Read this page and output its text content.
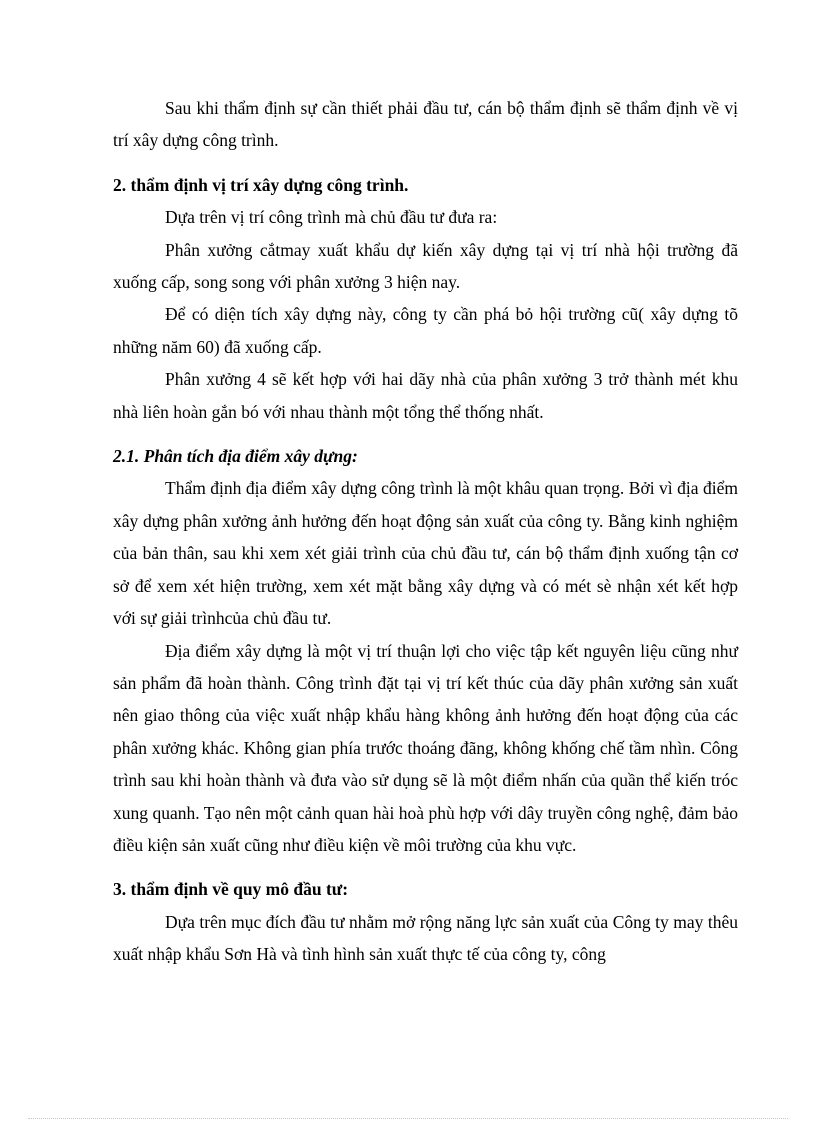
Sau khi thẩm định sự cần thiết phải đầu tư, cán bộ thẩm định sẽ thẩm định về vị trí xây dựng công trình.

2. thẩm định vị trí xây dựng công trình.

Dựa trên vị trí công trình mà chủ đầu tư đưa ra:

Phân xưởng cắtmay xuất khẩu dự kiến xây dựng tại vị trí nhà hội trường đã xuống cấp, song song với phân xưởng 3 hiện nay.

Để có diện tích xây dựng này, công ty cần phá bỏ hội trường cũ( xây dựng tõ những năm 60) đã xuống cấp.

Phân xưởng 4 sẽ kết hợp với hai dãy nhà của phân xưởng 3 trở thành mét khu nhà liên hoàn gắn bó với nhau thành một tổng thể thống nhất.

2.1. Phân tích địa điểm xây dựng:

Thẩm định địa điểm xây dựng công trình là một khâu quan trọng. Bởi vì địa điểm xây dựng phân xưởng ảnh hưởng đến hoạt động sản xuất của công ty. Bằng kinh nghiệm của bản thân, sau khi xem xét giải trình của chủ đầu tư, cán bộ thẩm định xuống tận cơ sở để xem xét hiện trường, xem xét mặt bằng xây dựng và có mét sè nhận xét kết hợp với sự giải trìnhcủa chủ đầu tư.

Địa điểm xây dựng là một vị trí thuận lợi cho việc tập kết nguyên liệu cũng như sản phẩm đã hoàn thành. Công trình đặt tại vị trí kết thúc của dãy phân xưởng sản xuất nên giao thông của việc xuất nhập khẩu hàng không ảnh hưởng đến hoạt động của các phân xưởng khác. Không gian phía trước thoáng đãng, không khống chế tầm nhìn. Công trình sau khi hoàn thành và đưa vào sử dụng sẽ là một điểm nhấn của quần thể kiến tróc xung quanh. Tạo nên một cảnh quan hài hoà phù hợp với dây truyền công nghệ, đảm bảo điều kiện sản xuất cũng như điều kiện về môi trường của khu vực.

3. thẩm định về quy mô đầu tư:

Dựa trên mục đích đầu tư nhằm mở rộng năng lực sản xuất của Công ty may thêu xuất nhập khẩu Sơn Hà và tình hình sản xuất thực tế của công ty, công
